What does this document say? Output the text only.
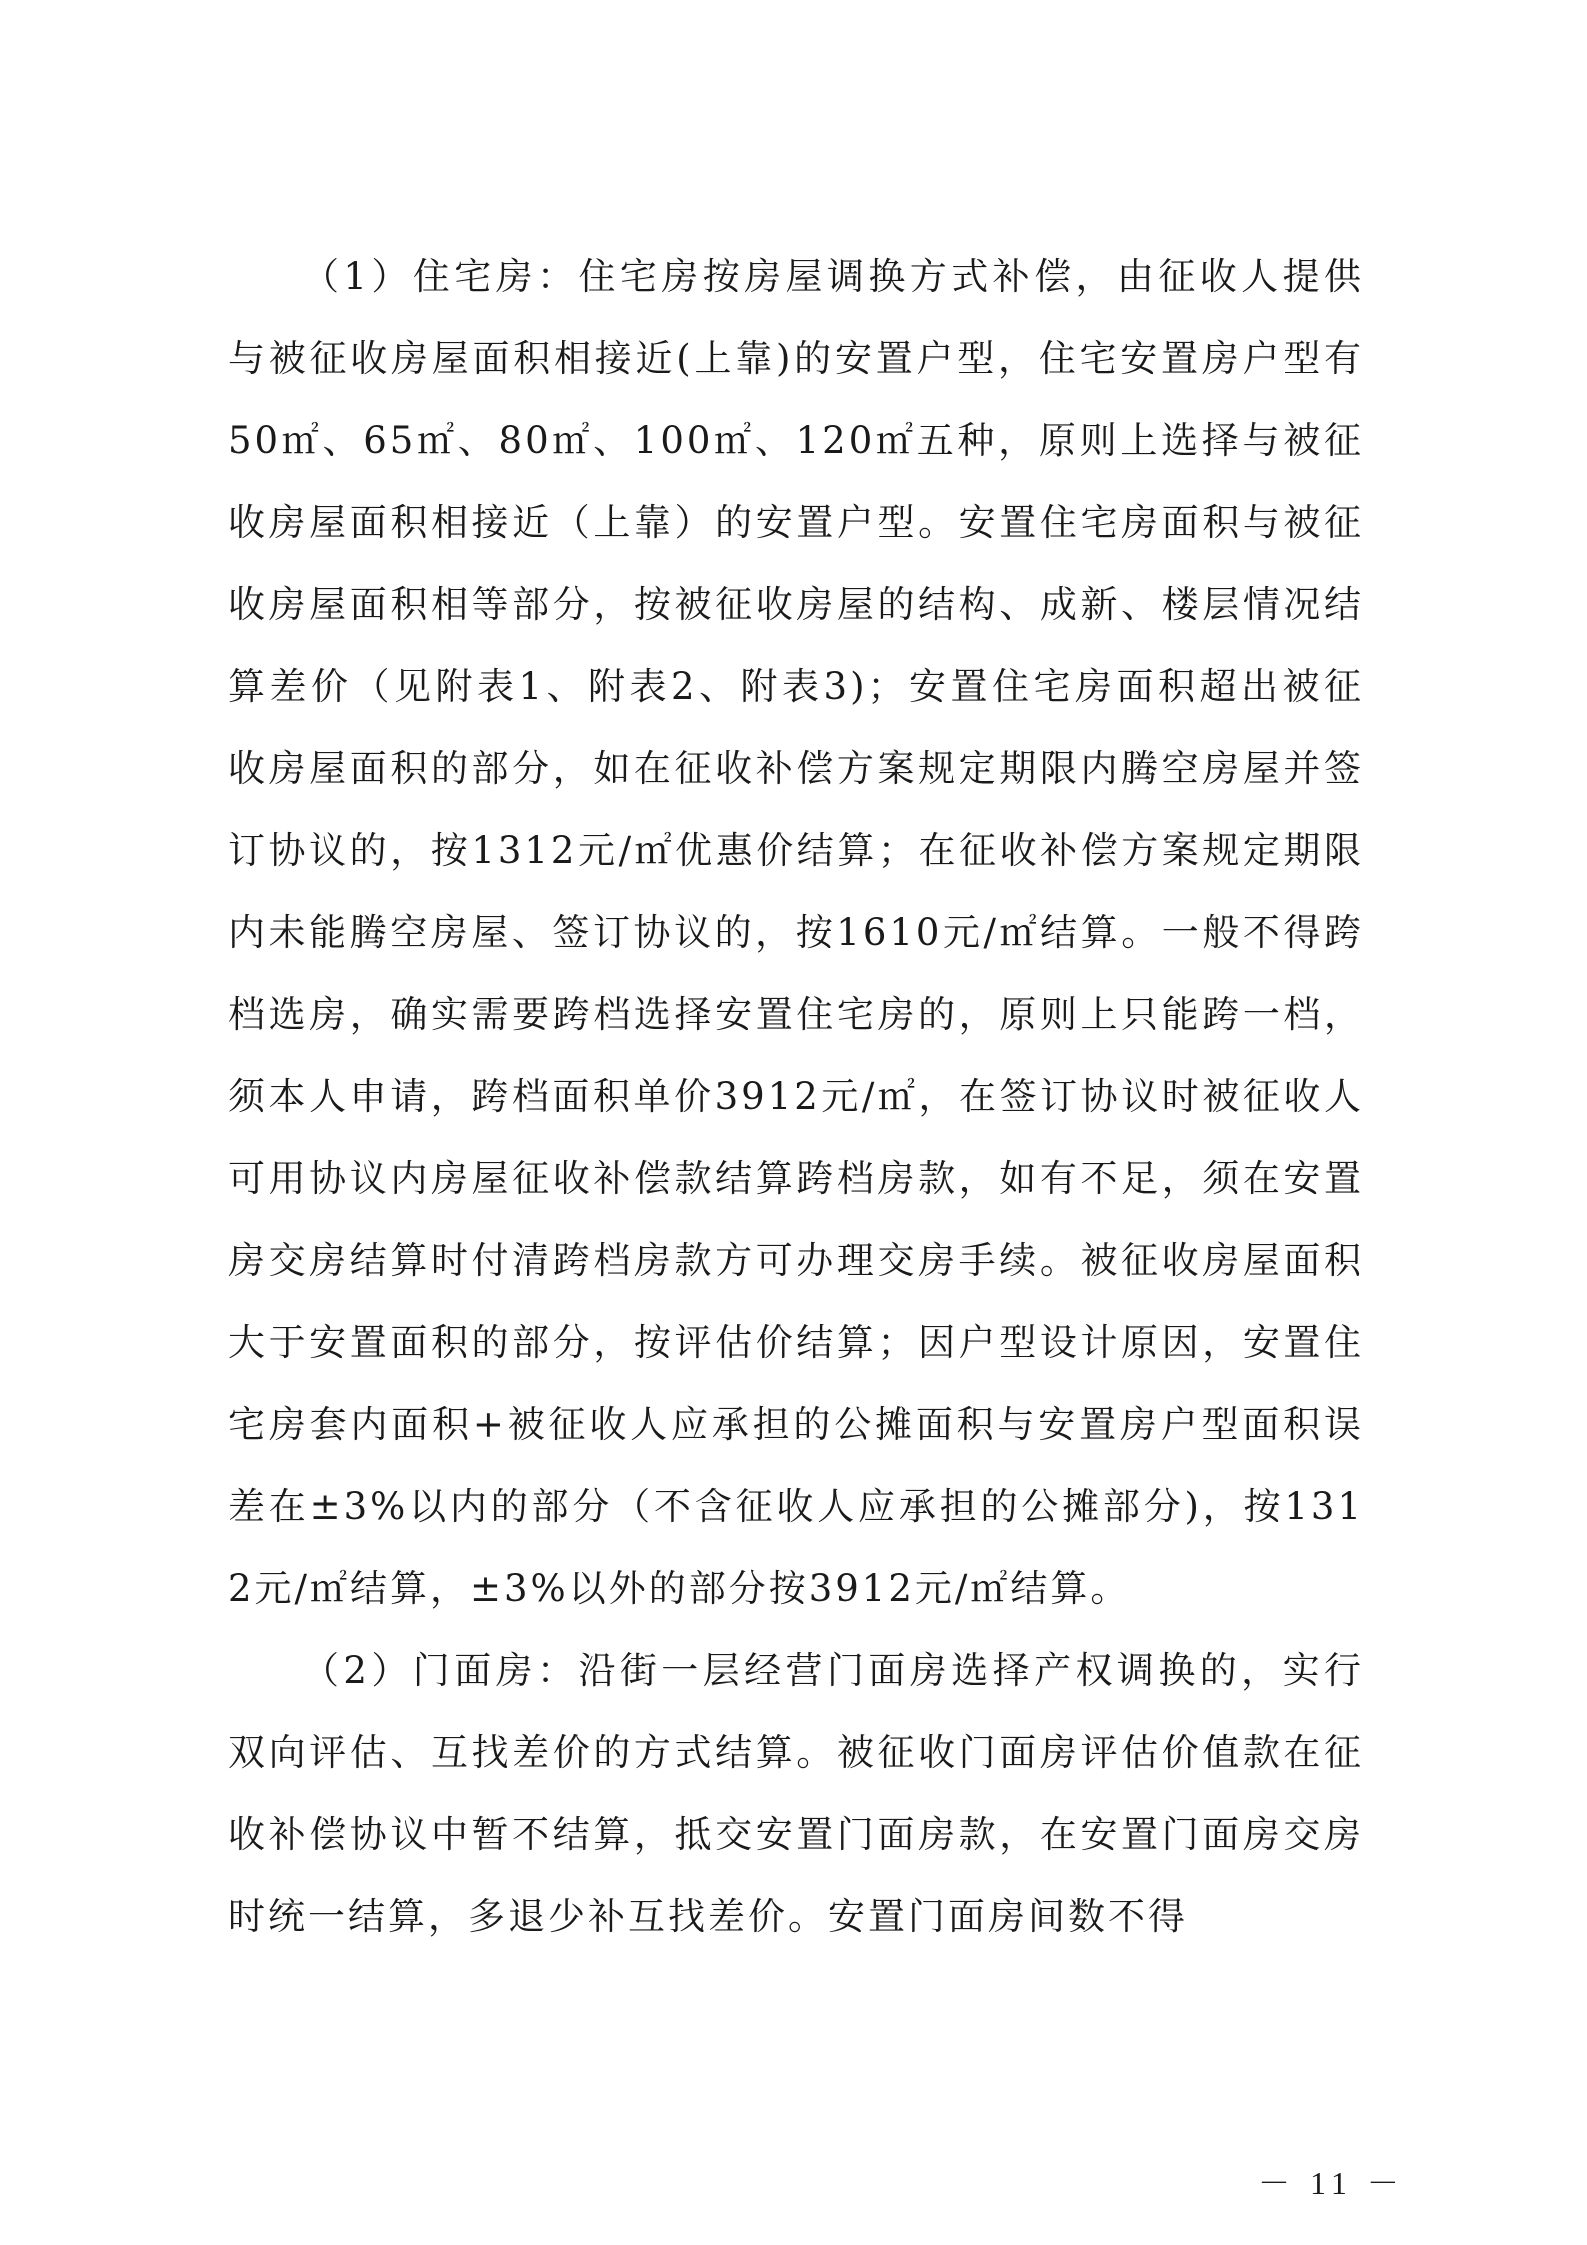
（1）住宅房：住宅房按房屋调换方式补偿，由征收人提供与被征收房屋面积相接近(上靠)的安置户型，住宅安置房户型有50㎡、65㎡、80㎡、100㎡、120㎡五种，原则上选择与被征收房屋面积相接近（上靠）的安置户型。安置住宅房面积与被征收房屋面积相等部分，按被征收房屋的结构、成新、楼层情况结算差价（见附表1、附表2、附表3)；安置住宅房面积超出被征收房屋面积的部分，如在征收补偿方案规定期限内腾空房屋并签订协议的，按1312元/㎡优惠价结算；在征收补偿方案规定期限内未能腾空房屋、签订协议的，按1610元/㎡结算。一般不得跨档选房，确实需要跨档选择安置住宅房的，原则上只能跨一档，须本人申请，跨档面积单价3912元/㎡，在签订协议时被征收人可用协议内房屋征收补偿款结算跨档房款，如有不足，须在安置房交房结算时付清跨档房款方可办理交房手续。被征收房屋面积大于安置面积的部分，按评估价结算；因户型设计原因，安置住宅房套内面积+被征收人应承担的公摊面积与安置房户型面积误差在±3%以内的部分（不含征收人应承担的公摊部分)，按1312元/㎡结算，±3%以外的部分按3912元/㎡结算。

（2）门面房：沿街一层经营门面房选择产权调换的，实行双向评估、互找差价的方式结算。被征收门面房评估价值款在征收补偿协议中暂不结算，抵交安置门面房款，在安置门面房交房时统一结算，多退少补互找差价。安置门面房间数不得

－ 11 －
